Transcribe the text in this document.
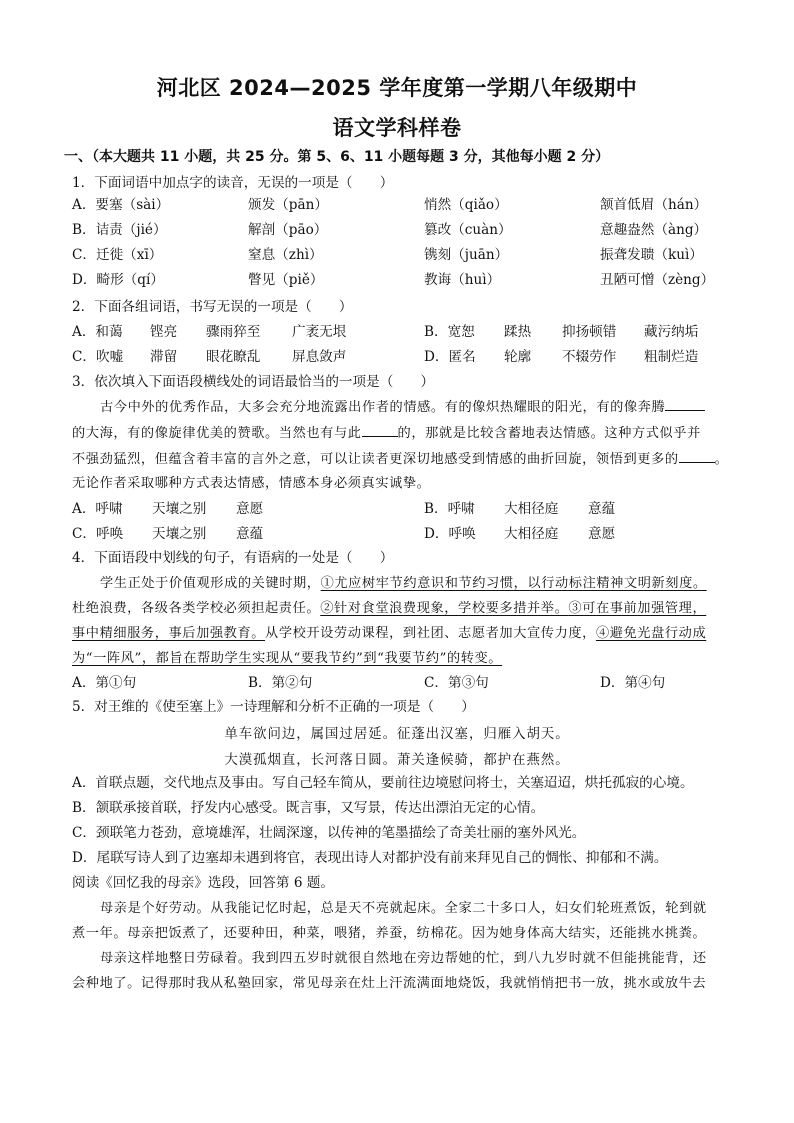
河北区 2024—2025 学年度第一学期八年级期中
语文学科样卷
一、（本大题共 11 小题，共 25 分。第 5、6、11 小题每题 3 分，其他每小题 2 分）
1．下面词语中加点字的读音，无误的一项是（　　）
A．要塞（sài）	颁发（pān）	悄然（qiǎo）	颔首低眉（hán）
B．诘责（jié）	解剖（pāo）	篡改（cuàn）	意趣盎然（àng）
C．迁徙（xī）	窒息（zhì）	镌刻（juān）	振聋发聩（kuì）
D．畸形（qí）	瞥见（piě）	教诲（huì）	丑陋可憎（zèng）
2．下面各组词语，书写无误的一项是（　　）
A．和蔼 铿亮 骤雨猝至 广袤无垠	B．宽恕 蹂热 抑扬顿错 藏污纳垢
C．吹嘘 滞留 眼花瞭乱 屏息敛声	D．匿名 轮廓 不辍劳作 粗制烂造
3．依次填入下面语段横线处的词语最恰当的一项是（　　）
古今中外的优秀作品，大多会充分地流露出作者的情感。有的像炽热耀眼的阳光，有的像奔腾
的大海，有的像旋律优美的赞歌。当然也有与此	的，那就是比较含蓄地表达情感。这种方式似乎并
不强劲猛烈，但蕴含着丰富的言外之意，可以让读者更深切地感受到情感的曲折回旋，领悟到更多的	。
无论作者采取哪种方式表达情感，情感本身必须真实诚挚。
A．呼啸 天壤之别 意愿	B．呼啸 大相径庭 意蕴
C．呼唤 天壤之别 意蕴	D．呼唤 大相径庭 意愿
4．下面语段中划线的句子，有语病的一处是（　　）
学生正处于价值观形成的关键时期，①尤应树牢节约意识和节约习惯，以行动标注精神文明新刻度。
杜绝浪费，各级各类学校必须担起责任。②针对食堂浪费现象，学校要多措并举。③可在事前加强管理，
事中精细服务，事后加强教育。从学校开设劳动课程，到社团、志愿者加大宣传力度，④避免光盘行动成
为“一阵风”，都旨在帮助学生实现从“要我节约”到“我要节约”的转变。
A．第①句	B．第②句	C．第③句	D．第④句
5．对王维的《使至塞上》一诗理解和分析不正确的一项是（　　）
单车欲问边，属国过居延。征蓬出汉塞，归雁入胡天。
大漠孤烟直，长河落日圆。萧关逢候骑，都护在燕然。
A．首联点题，交代地点及事由。写自己轻车简从，要前往边境慰问将士，关塞迢迢，烘托孤寂的心境。
B．颔联承接首联，抒发内心感受。既言事，又写景，传达出漂泊无定的心情。
C．颈联笔力苍劲，意境雄浑，壮阔深邃，以传神的笔墨描绘了奇美壮丽的塞外风光。
D．尾联写诗人到了边塞却未遇到将官，表现出诗人对都护没有前来拜见自己的惆怅、抑郁和不满。
阅读《回忆我的母亲》选段，回答第 6 题。
母亲是个好劳动。从我能记忆时起，总是天不亮就起床。全家二十多口人，妇女们轮班煮饭，轮到就
煮一年。母亲把饭煮了，还要种田，种菜，喂猪，养蚕，纺棉花。因为她身体高大结实，还能挑水挑粪。
母亲这样地整日劳碌着。我到四五岁时就很自然地在旁边帮她的忙，到八九岁时就不但能挑能背，还
会种地了。记得那时我从私塾回家，常见母亲在灶上汗流满面地烧饭，我就悄悄把书一放，挑水或放牛去
